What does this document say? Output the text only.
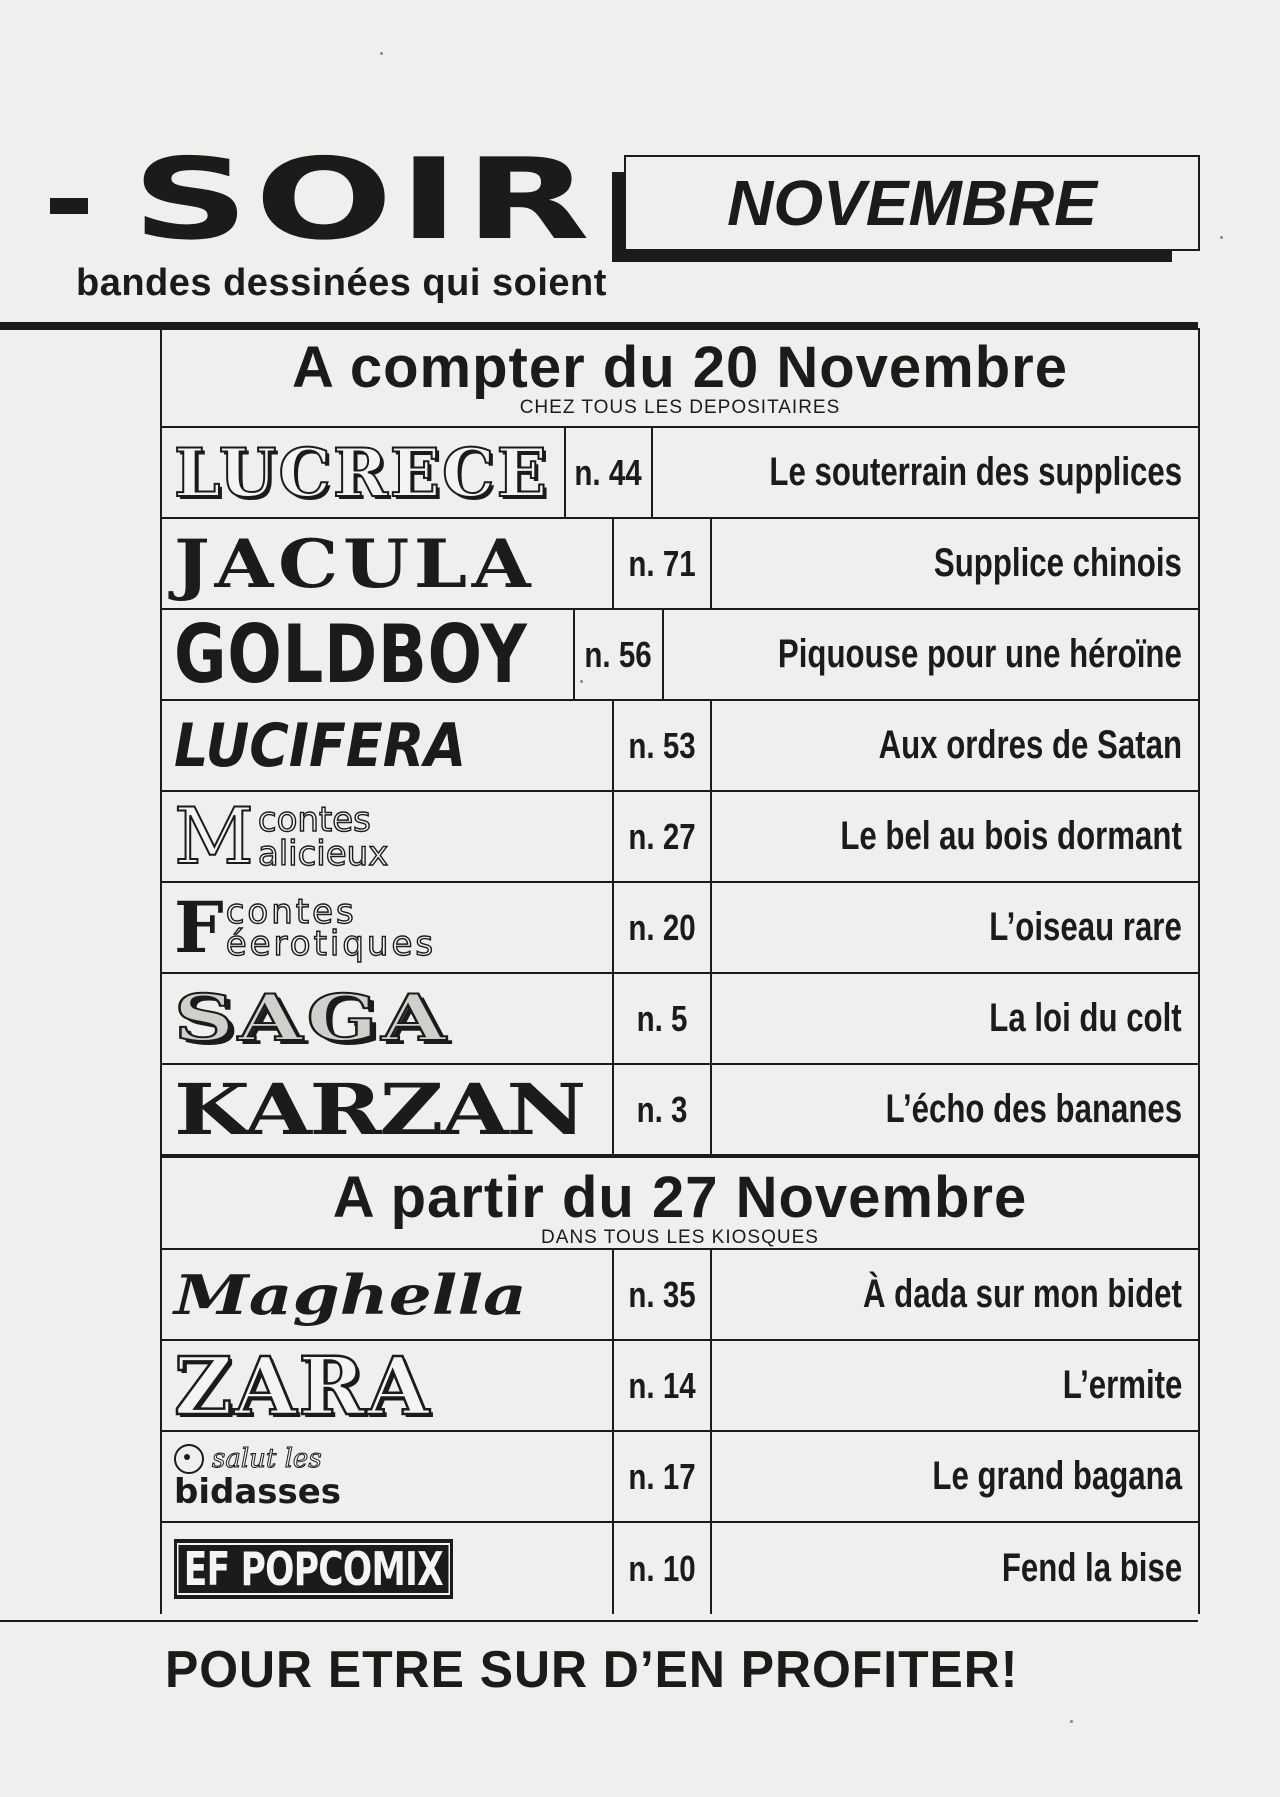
SOIR	NOVEMBRE
bandes dessinées qui soient
A compter du 20 Novembre
CHEZ TOUS LES DEPOSITAIRES
LUCRECE n. 44	Le souterrain des supplices
JACULA	n. 71	Supplice chinois
GOLDBOY n. 56	Piquouse pour une héroïne
LUCIFERA	n. 53	Aux ordres de Satan
M contes
alicieux	n. 27	Le bel au bois dormant
F contes
éerotiques	n. 20	L’oiseau rare
SAGA	n. 5	La loi du colt
KARZAN n. 3	L’écho des bananes
A partir du 27 Novembre
DANS TOUS LES KIOSQUES
Maghella	n. 35	À dada sur mon bidet
ZARA	n. 14	L’ermite
salut les
bidasses	n. 17	Le grand bagana
EF POPCOMIX	n. 10	Fend la bise
POUR ETRE SUR D’EN PROFITER!
